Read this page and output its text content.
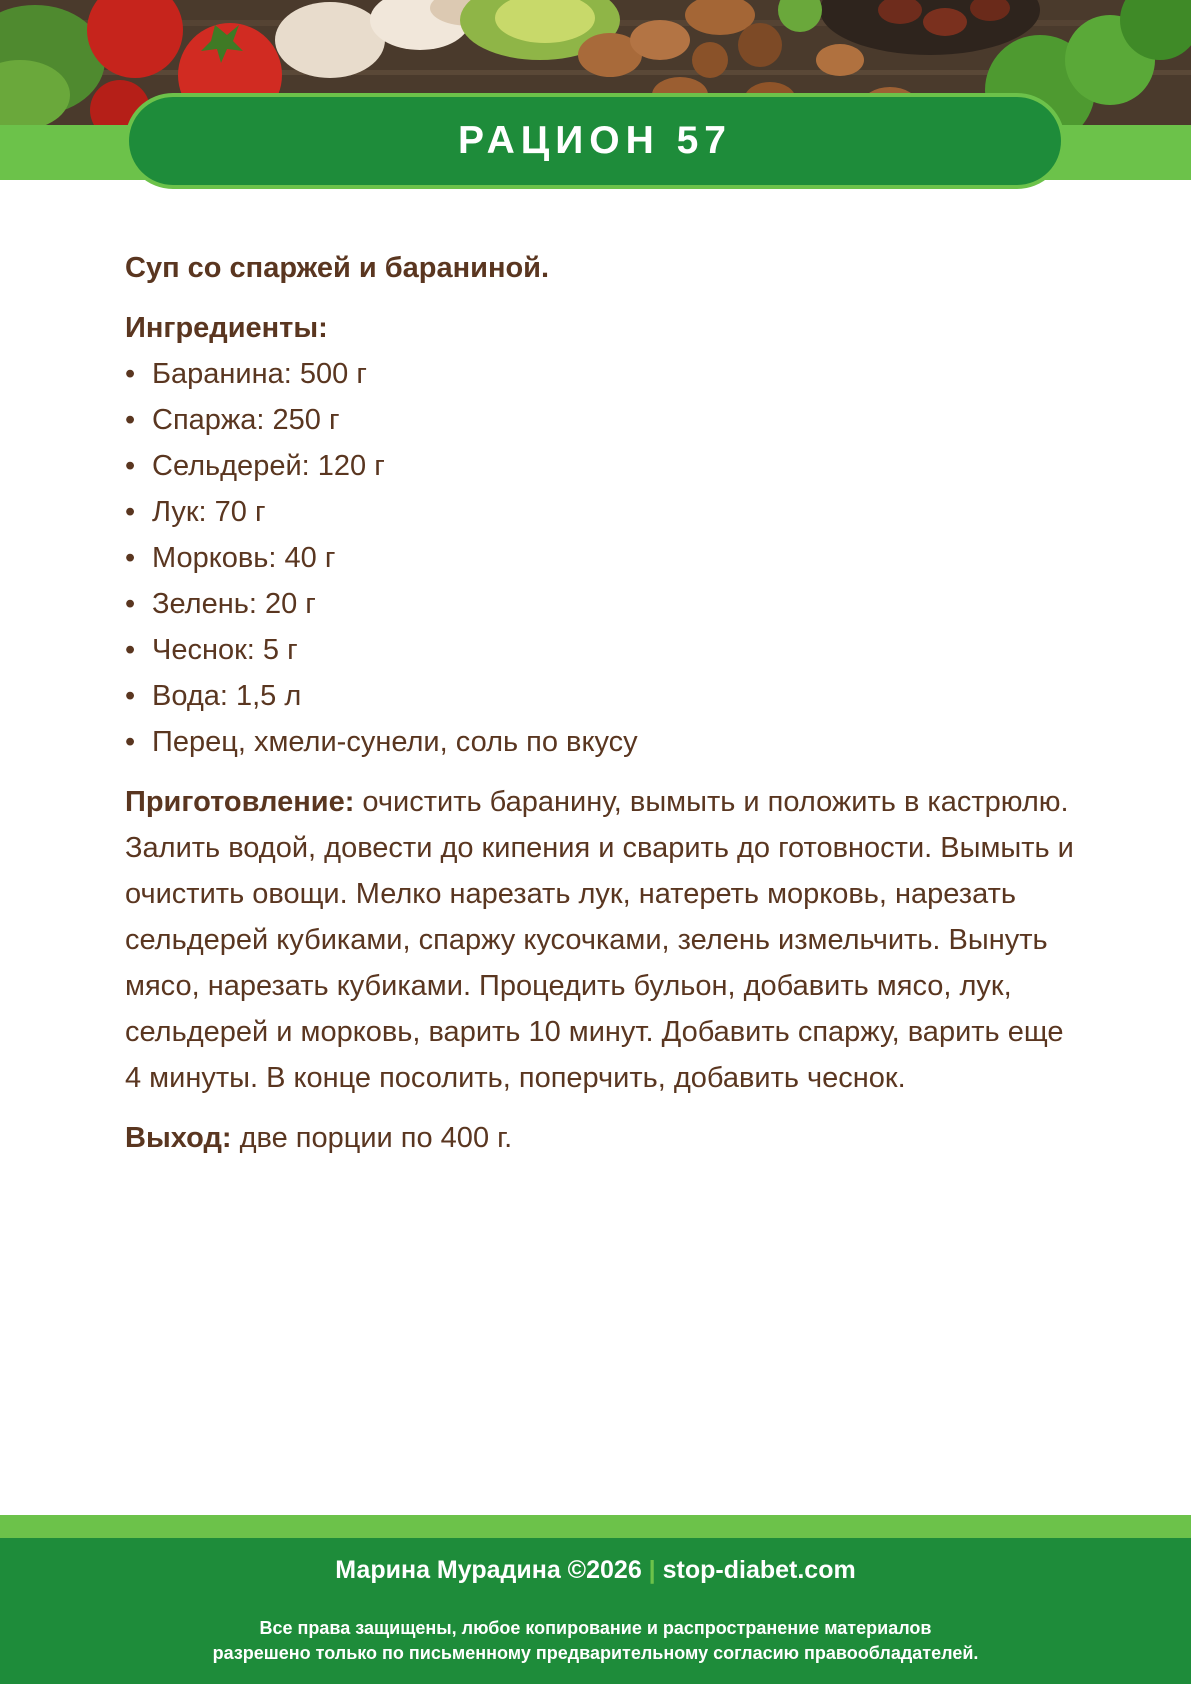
РАЦИОН 57
Суп со спаржей и бараниной.
Ингредиенты:
• Баранина: 500 г
• Спаржа: 250 г
• Сельдерей: 120 г
• Лук: 70 г
• Морковь: 40 г
• Зелень: 20 г
• Чеснок: 5 г
• Вода: 1,5 л
• Перец, хмели-сунели, соль по вкусу

Приготовление: очистить баранину, вымыть и положить в кастрюлю. Залить водой, довести до кипения и сварить до готовности. Вымыть и очистить овощи. Мелко нарезать лук, натереть морковь, нарезать сельдерей кубиками, спаржу кусочками, зелень измельчить. Вынуть мясо, нарезать кубиками. Процедить бульон, добавить мясо, лук, сельдерей и морковь, варить 10 минут. Добавить спаржу, варить еще 4 минуты. В конце посолить, поперчить, добавить чеснок.

Выход: две порции по 400 г.

Марина Мурадина ©2026 | stop-diabet.com
Все права защищены, любое копирование и распространение материалов
разрешено только по письменному предварительному согласию правообладателей.
